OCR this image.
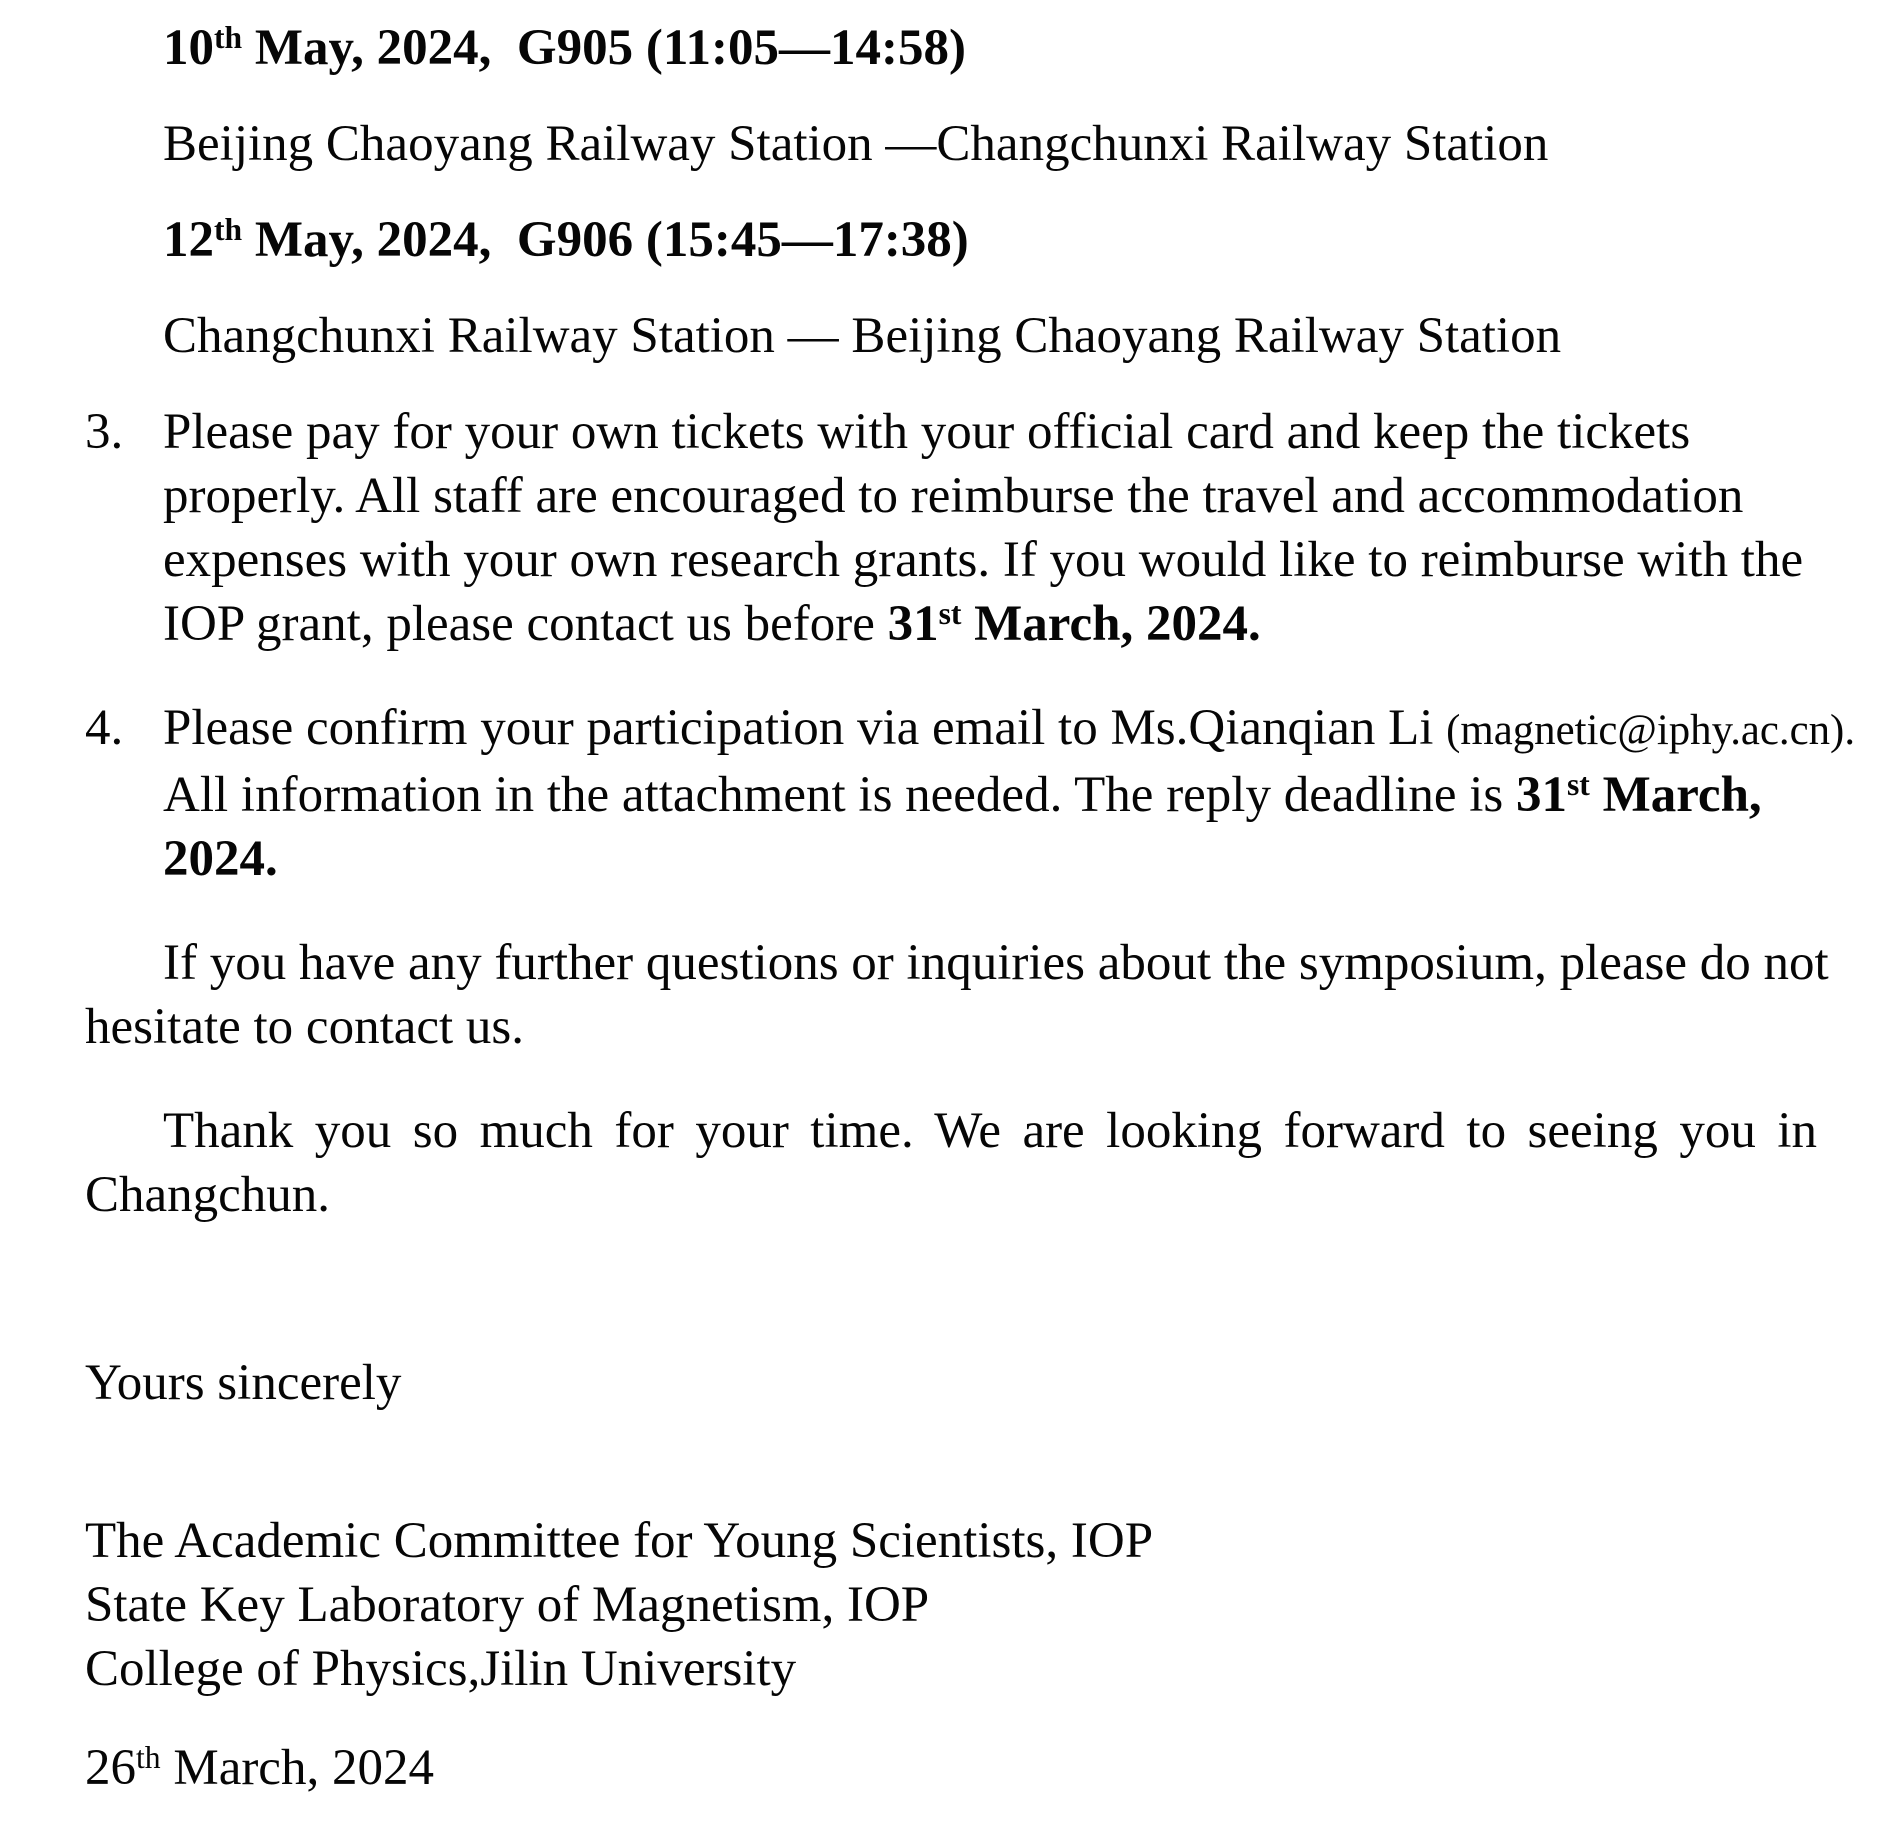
10th May, 2024,  G905 (11:05—14:58)
Beijing Chaoyang Railway Station —Changchunxi Railway Station
12th May, 2024,  G906 (15:45—17:38)
Changchunxi Railway Station — Beijing Chaoyang Railway Station
3. Please pay for your own tickets with your official card and keep the tickets
properly. All staff are encouraged to reimburse the travel and accommodation
expenses with your own research grants. If you would like to reimburse with the
IOP grant, please contact us before 31st March, 2024.
4. Please confirm your participation via email to Ms.Qianqian Li (magnetic@iphy.ac.cn).
All information in the attachment is needed. The reply deadline is 31st March,
2024.
If you have any further questions or inquiries about the symposium, please do not
hesitate to contact us.
Thank you so much for your time. We are looking forward to seeing you in
Changchun.
Yours sincerely
The Academic Committee for Young Scientists, IOP
State Key Laboratory of Magnetism, IOP
College of Physics,Jilin University
26th March, 2024
